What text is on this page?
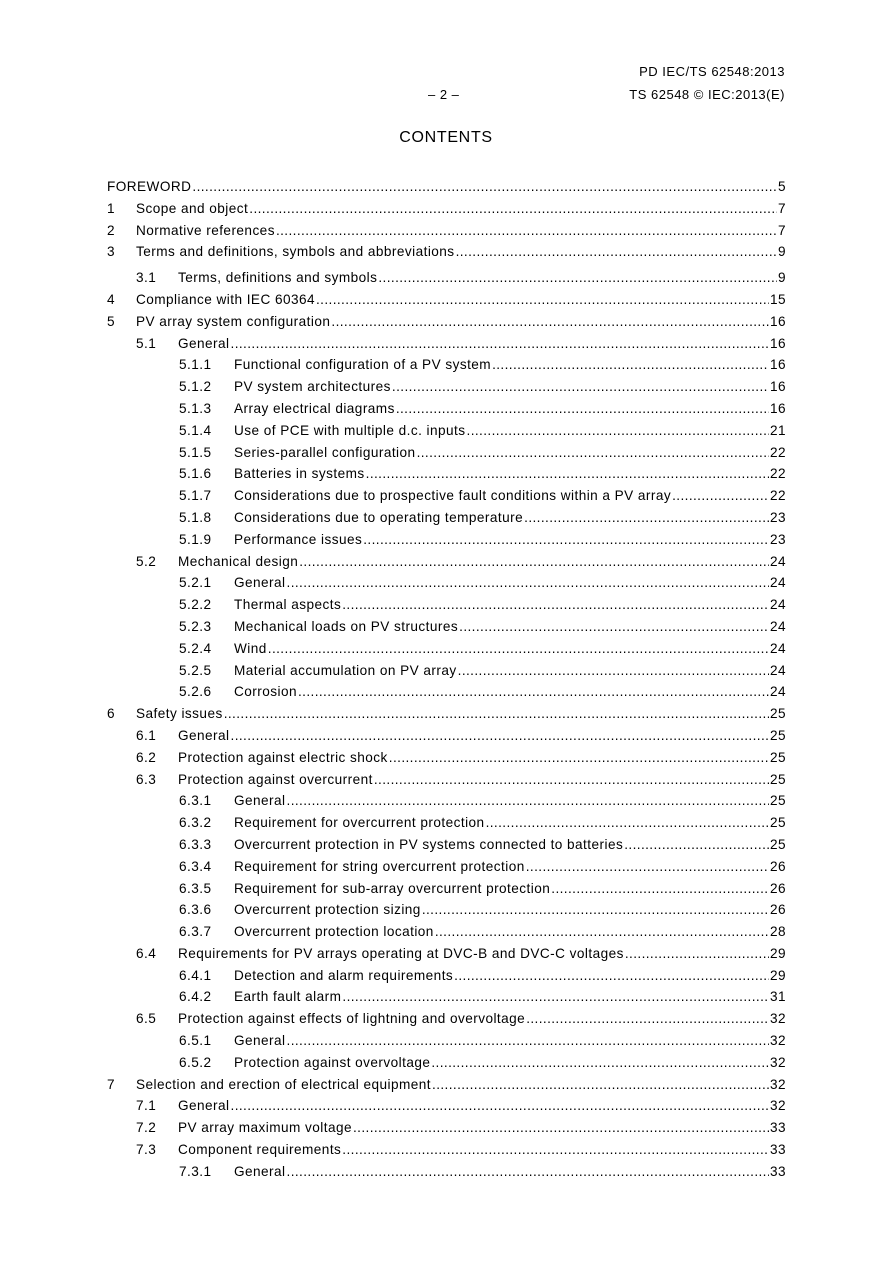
PD IEC/TS 62548:2013
– 2 –	TS 62548 © IEC:2013(E)
CONTENTS
FOREWORD .....	5
1	Scope and object .....	7
2	Normative references .....	7
3	Terms and definitions, symbols and abbreviations .....	9
3.1	Terms, definitions and symbols .....	9
4	Compliance with IEC 60364 .....	15
5	PV array system configuration .....	16
5.1	General .....	16
5.1.1	Functional configuration of a PV system .....	16
5.1.2	PV system architectures .....	16
5.1.3	Array electrical diagrams .....	16
5.1.4	Use of PCE with multiple d.c. inputs .....	21
5.1.5	Series-parallel configuration .....	22
5.1.6	Batteries in systems .....	22
5.1.7	Considerations due to prospective fault conditions within a PV array .....	22
5.1.8	Considerations due to operating temperature .....	23
5.1.9	Performance issues .....	23
5.2	Mechanical design .....	24
5.2.1	General .....	24
5.2.2	Thermal aspects .....	24
5.2.3	Mechanical loads on PV structures .....	24
5.2.4	Wind .....	24
5.2.5	Material accumulation on PV array .....	24
5.2.6	Corrosion .....	24
6	Safety issues .....	25
6.1	General .....	25
6.2	Protection against electric shock .....	25
6.3	Protection against overcurrent .....	25
6.3.1	General .....	25
6.3.2	Requirement for overcurrent protection .....	25
6.3.3	Overcurrent protection in PV systems connected to batteries .....	25
6.3.4	Requirement for string overcurrent protection .....	26
6.3.5	Requirement for sub-array overcurrent protection .....	26
6.3.6	Overcurrent protection sizing .....	26
6.3.7	Overcurrent protection location .....	28
6.4	Requirements for PV arrays operating at DVC-B and DVC-C voltages .....	29
6.4.1	Detection and alarm requirements .....	29
6.4.2	Earth fault alarm .....	31
6.5	Protection against effects of lightning and overvoltage .....	32
6.5.1	General .....	32
6.5.2	Protection against overvoltage .....	32
7	Selection and erection of electrical equipment .....	32
7.1	General .....	32
7.2	PV array maximum voltage .....	33
7.3	Component requirements .....	33
7.3.1	General .....	33
